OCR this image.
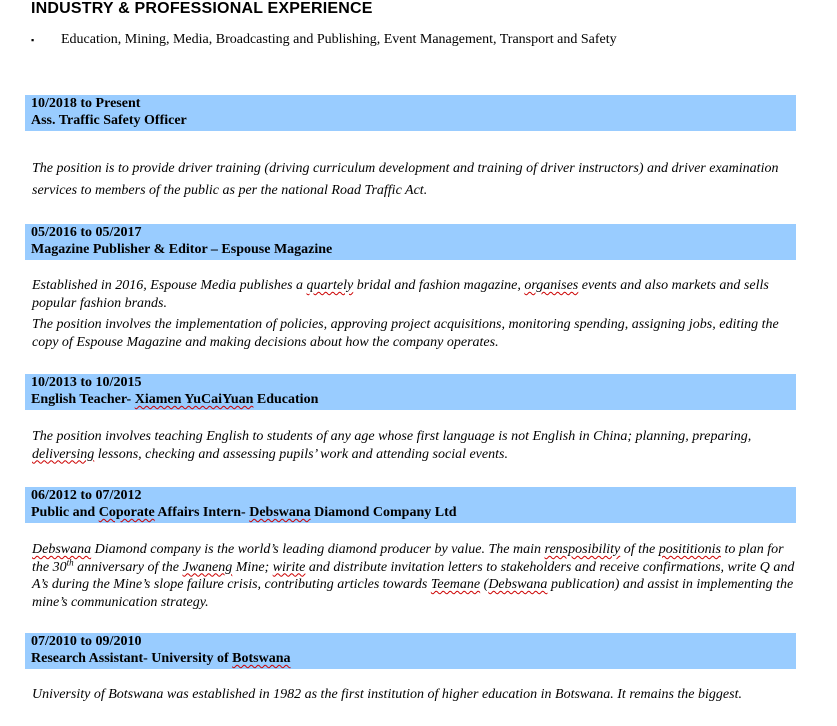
INDUSTRY & PROFESSIONAL EXPERIENCE
▪ Education, Mining, Media, Broadcasting and Publishing, Event Management, Transport and Safety
10/2018 to Present
Ass. Traffic Safety Officer

The position is to provide driver training (driving curriculum development and training of driver instructors) and driver examination services to members of the public as per the national Road Traffic Act.

05/2016 to 05/2017
Magazine Publisher & Editor – Espouse Magazine

Established in 2016, Espouse Media publishes a quartely bridal and fashion magazine, organises events and also markets and sells popular fashion brands.

The position involves the implementation of policies, approving project acquisitions, monitoring spending, assigning jobs, editing the copy of Espouse Magazine and making decisions about how the company operates.

10/2013 to 10/2015
English Teacher- Xiamen YuCaiYuan Education

The position involves teaching English to students of any age whose first language is not English in China; planning, preparing, deliversing lessons, checking and assessing pupils’ work and attending social events.

06/2012 to 07/2012
Public and Coporate Affairs Intern- Debswana Diamond Company Ltd

Debswana Diamond company is the world’s leading diamond producer by value. The main rensposibility of the posititionis to plan for the 30th anniversary of the Jwaneng Mine; wirite and distribute invitation letters to stakeholders and receive confirmations, write Q and A’s during the Mine’s slope failure crisis, contributing articles towards Teemane (Debswana publication) and assist in implementing the mine’s communication strategy.

07/2010 to 09/2010
Research Assistant- University of Botswana

University of Botswana was established in 1982 as the first institution of higher education in Botswana. It remains the biggest.
